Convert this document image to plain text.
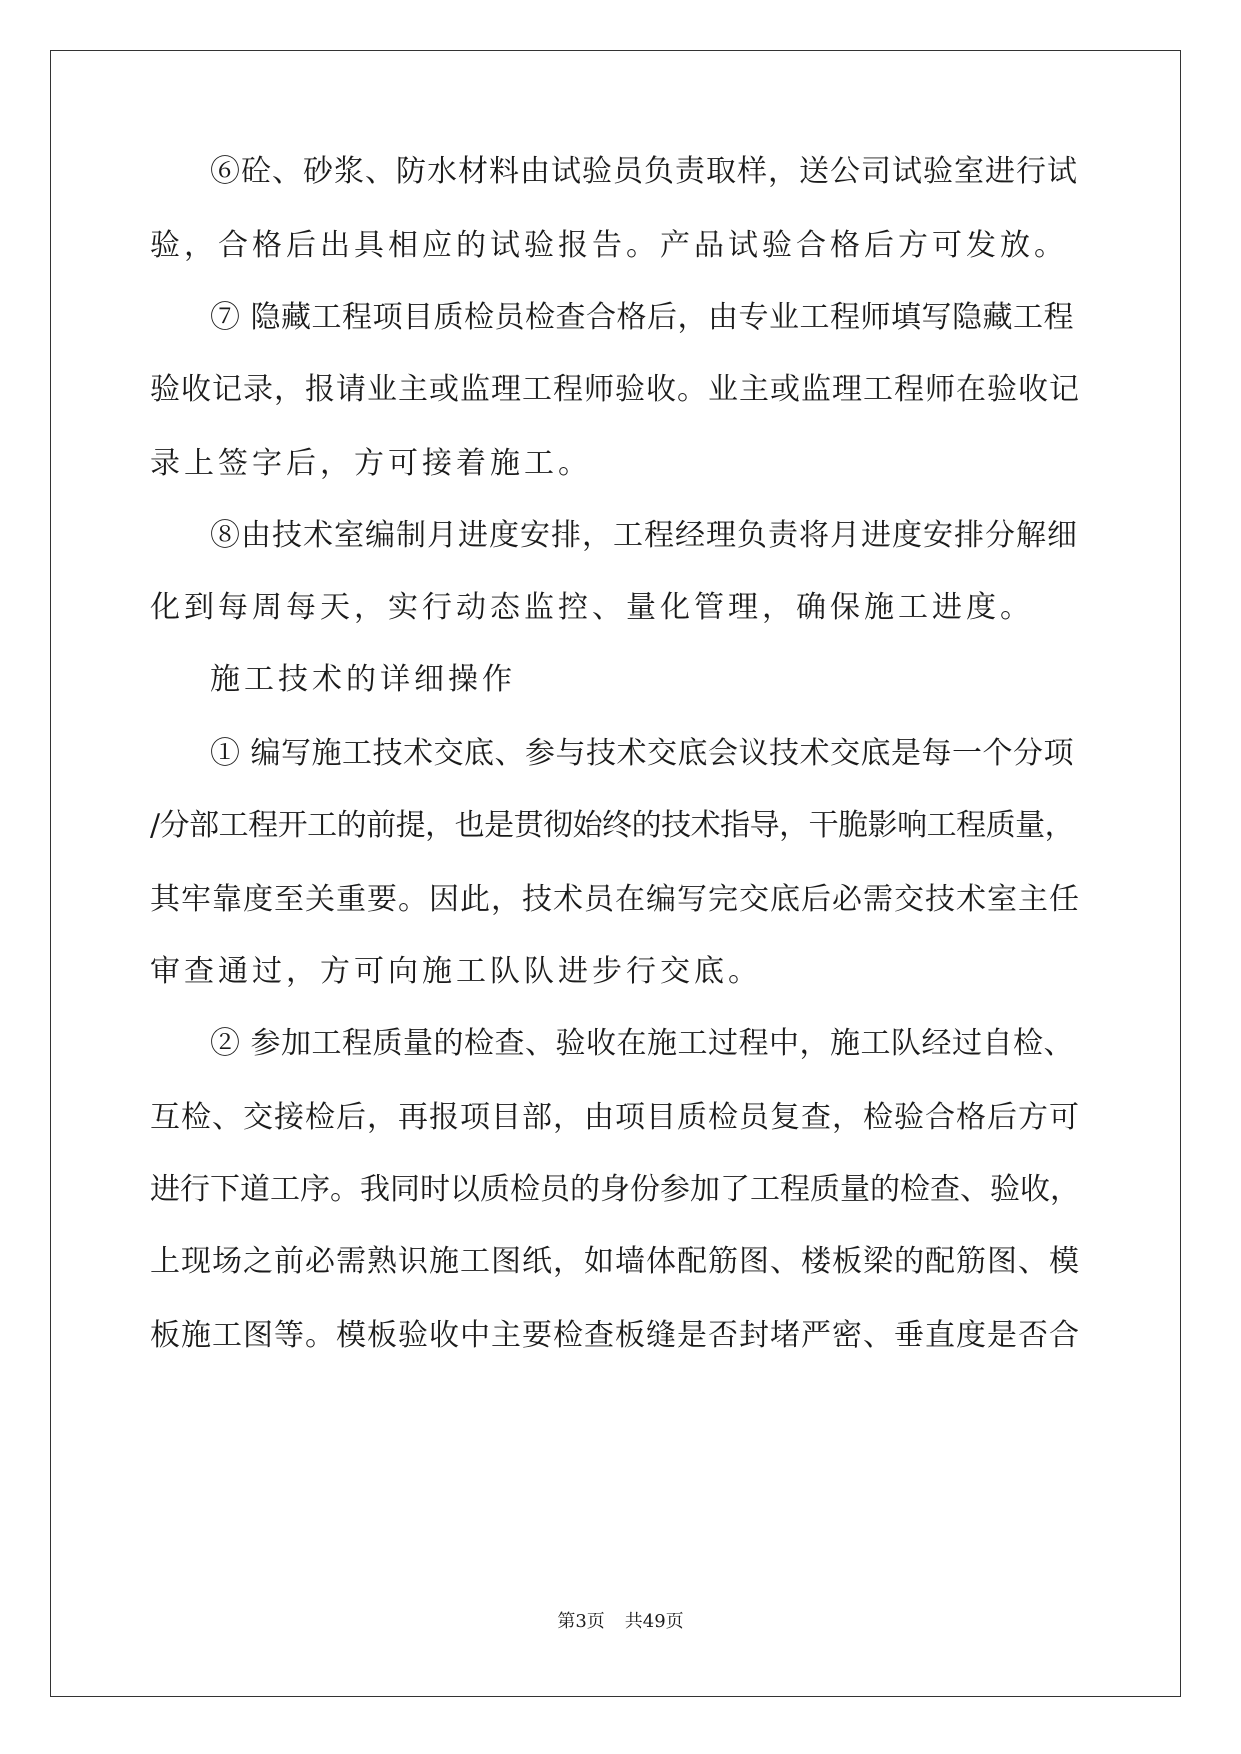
⑥砼、砂浆、防水材料由试验员负责取样，送公司试验室进行试
验，合格后出具相应的试验报告。产品试验合格后方可发放。
⑦ 隐藏工程项目质检员检查合格后，由专业工程师填写隐藏工程
验收记录，报请业主或监理工程师验收。业主或监理工程师在验收记
录上签字后，方可接着施工。
⑧由技术室编制月进度安排，工程经理负责将月进度安排分解细
化到每周每天，实行动态监控、量化管理，确保施工进度。
施工技术的详细操作
① 编写施工技术交底、参与技术交底会议技术交底是每一个分项
/分部工程开工的前提，也是贯彻始终的技术指导，干脆影响工程质量，
其牢靠度至关重要。因此，技术员在编写完交底后必需交技术室主任
审查通过，方可向施工队队进步行交底。
② 参加工程质量的检查、验收在施工过程中，施工队经过自检、
互检、交接检后，再报项目部，由项目质检员复查，检验合格后方可
进行下道工序。我同时以质检员的身份参加了工程质量的检查、验收，
上现场之前必需熟识施工图纸，如墙体配筋图、楼板梁的配筋图、模
板施工图等。模板验收中主要检查板缝是否封堵严密、垂直度是否合
第3页 共49页
